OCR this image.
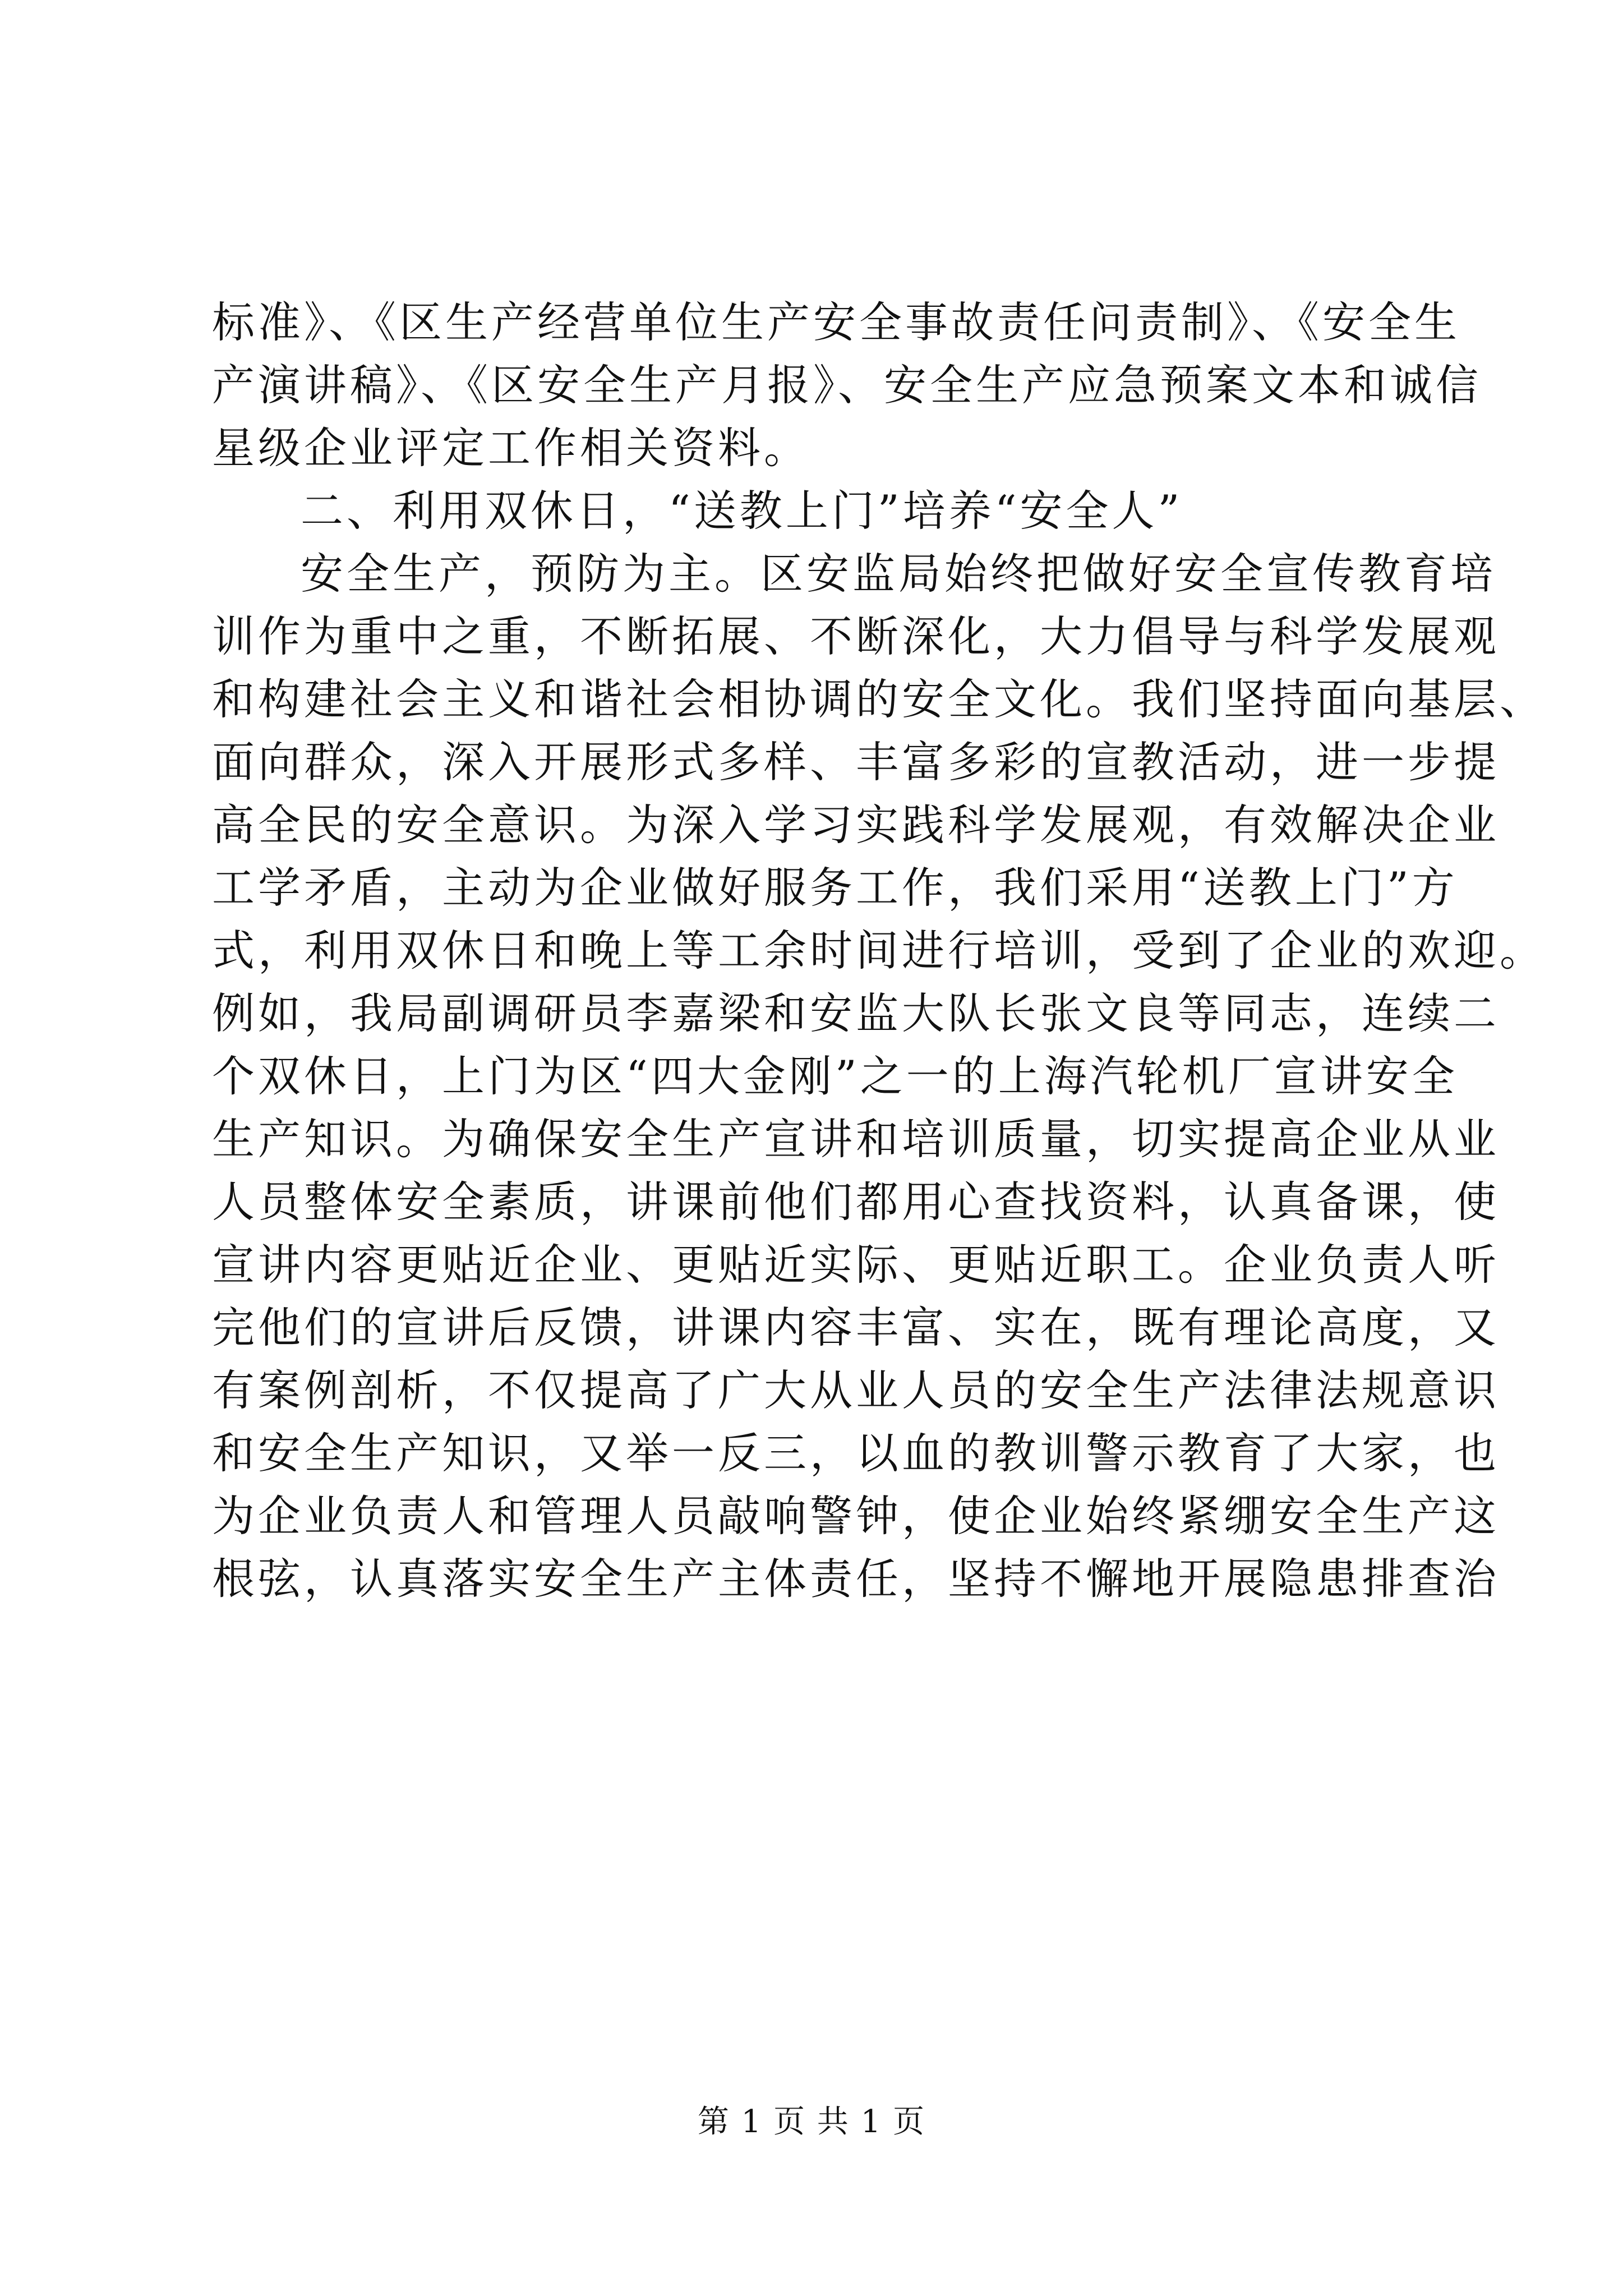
标准》、《区生产经营单位生产安全事故责任问责制》、《安全生
产演讲稿》、《区安全生产月报》、安全生产应急预案文本和诚信
星级企业评定工作相关资料。
二、利用双休日，“送教上门”培养“安全人”
安全生产，预防为主。区安监局始终把做好安全宣传教育培
训作为重中之重，不断拓展、不断深化，大力倡导与科学发展观
和构建社会主义和谐社会相协调的安全文化。我们坚持面向基层、
面向群众，深入开展形式多样、丰富多彩的宣教活动，进一步提
高全民的安全意识。为深入学习实践科学发展观，有效解决企业
工学矛盾，主动为企业做好服务工作，我们采用“送教上门”方
式，利用双休日和晚上等工余时间进行培训，受到了企业的欢迎。
例如，我局副调研员李嘉梁和安监大队长张文良等同志，连续二
个双休日，上门为区“四大金刚”之一的上海汽轮机厂宣讲安全
生产知识。为确保安全生产宣讲和培训质量，切实提高企业从业
人员整体安全素质，讲课前他们都用心查找资料，认真备课，使
宣讲内容更贴近企业、更贴近实际、更贴近职工。企业负责人听
完他们的宣讲后反馈，讲课内容丰富、实在，既有理论高度，又
有案例剖析，不仅提高了广大从业人员的安全生产法律法规意识
和安全生产知识，又举一反三，以血的教训警示教育了大家，也
为企业负责人和管理人员敲响警钟，使企业始终紧绷安全生产这
根弦，认真落实安全生产主体责任，坚持不懈地开展隐患排查治
第 1 页 共 1 页
